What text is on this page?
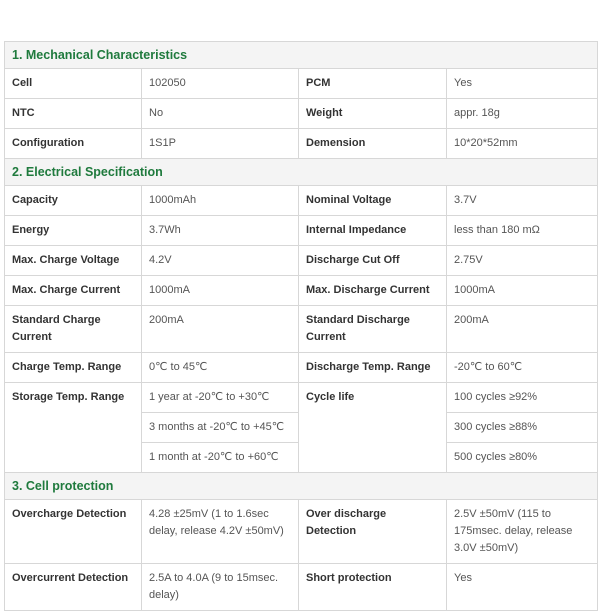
1. Mechanical Characteristics			
Cell	102050	PCM	Yes
NTC	No	Weight	appr. 18g
Configuration	1S1P	Demension	10*20*52mm
2. Electrical Specification			
Capacity	1000mAh	Nominal Voltage	3.7V
Energy	3.7Wh	Internal Impedance	less than 180 mΩ
Max. Charge Voltage	4.2V	Discharge Cut Off	2.75V
Max. Charge Current	1000mA	Max. Discharge Current	1000mA
Standard Charge Current	200mA	Standard Discharge Current	200mA
Charge Temp. Range	0℃ to 45℃	Discharge Temp. Range	-20℃ to 60℃
Storage Temp. Range	1 year at -20℃ to +30℃	Cycle life	100 cycles ≥92%
	3 months at -20℃ to +45℃		300 cycles ≥88%
	1 month at -20℃ to +60℃		500 cycles ≥80%
3. Cell protection			
Overcharge Detection	4.28 ±25mV (1 to 1.6sec delay, release 4.2V ±50mV)	Over discharge Detection	2.5V ±50mV (115 to 175msec. delay, release 3.0V ±50mV)
Overcurrent Detection	2.5A to 4.0A (9 to 15msec. delay)	Short protection	Yes
